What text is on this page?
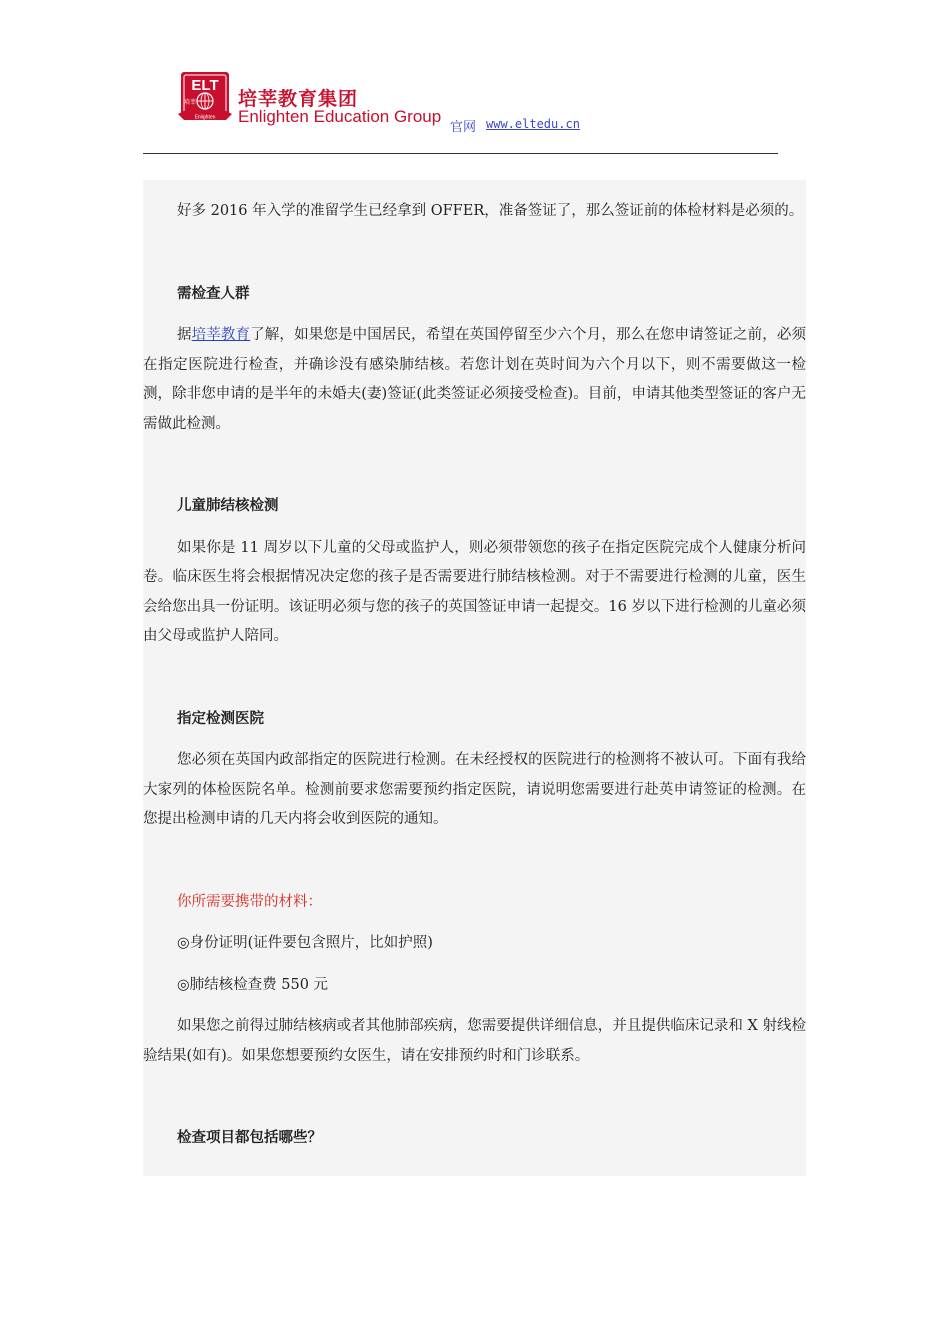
ELT
培莘
Enlighten
培莘教育集团
Enlighten Education Group
官网 www.eltedu.cn

好多 2016 年入学的准留学生已经拿到 OFFER，准备签证了，那么签证前的体检材料是必须的。

需检查人群

据培莘教育了解，如果您是中国居民，希望在英国停留至少六个月，那么在您申请签证之前，必须在指定医院进行检查，并确诊没有感染肺结核。若您计划在英时间为六个月以下，则不需要做这一检测，除非您申请的是半年的未婚夫(妻)签证(此类签证必须接受检查)。目前，申请其他类型签证的客户无需做此检测。

儿童肺结核检测

如果你是 11 周岁以下儿童的父母或监护人，则必须带领您的孩子在指定医院完成个人健康分析问卷。临床医生将会根据情况决定您的孩子是否需要进行肺结核检测。对于不需要进行检测的儿童，医生会给您出具一份证明。该证明必须与您的孩子的英国签证申请一起提交。16 岁以下进行检测的儿童必须由父母或监护人陪同。

指定检测医院

您必须在英国内政部指定的医院进行检测。在未经授权的医院进行的检测将不被认可。下面有我给大家列的体检医院名单。检测前要求您需要预约指定医院，请说明您需要进行赴英申请签证的检测。在您提出检测申请的几天内将会收到医院的通知。

你所需要携带的材料：

◎身份证明(证件要包含照片，比如护照)

◎肺结核检查费 550 元

如果您之前得过肺结核病或者其他肺部疾病，您需要提供详细信息，并且提供临床记录和 X 射线检验结果(如有)。如果您想要预约女医生，请在安排预约时和门诊联系。

检查项目都包括哪些？
